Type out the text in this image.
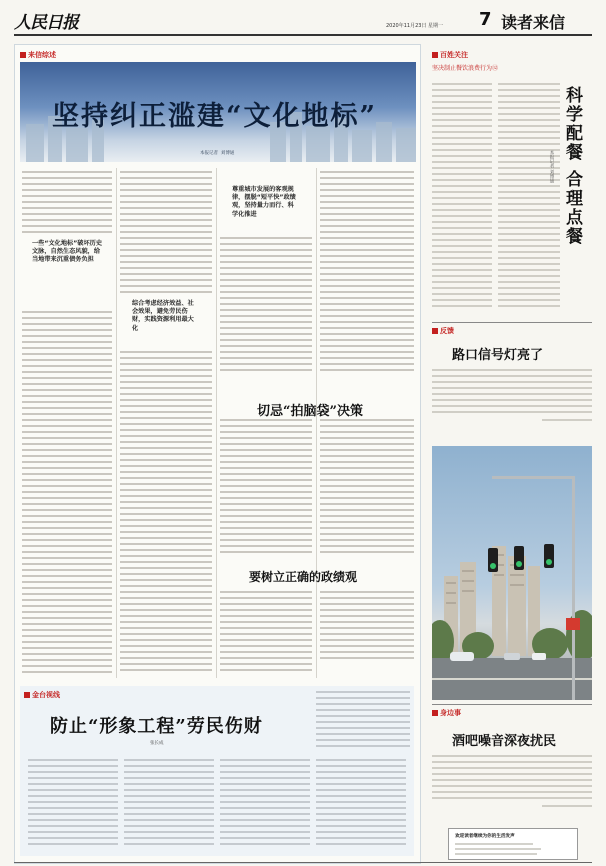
人民日报	2020年11月23日 星期一 7 读者来信
来信综述
坚持纠正滥建“文化地标”
本报记者  刘博通
一些“文化地标”破坏历史文脉，自然生态风貌，给当地带来沉重债务负担
综合考虑经济效益、社会效果，避免劳民伤财，实践资源利用最大化
尊重城市发展的客观规律，摆脱“短平快”政绩观，坚持量力而行、科学化推进
切忌“拍脑袋”决策
要树立正确的政绩观
金台视线
防止“形象工程”劳民伤财
张长成
百姓关注
坚决制止餐饮浪费行为⑫
科学配餐 合理点餐
本报记者 刘博通
反馈
路口信号灯亮了
身边事
酒吧噪音深夜扰民
欢迎读者继续为你的生活发声
